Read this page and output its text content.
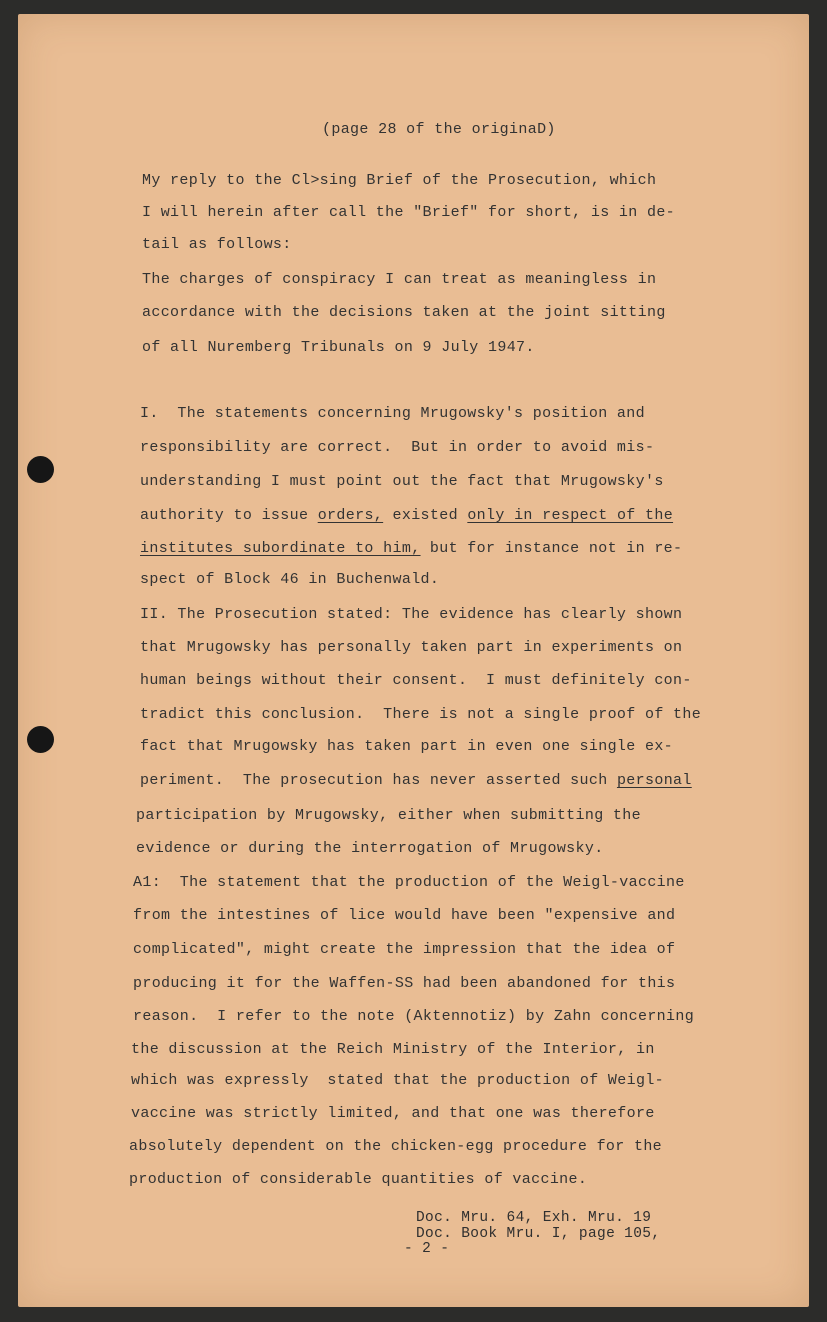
(page 28 of the originaD)
My reply to the Cl˃sing Brief of the Prosecution, which
I will herein after call the "Brief" for short, is in de-
tail as follows:
The charges of conspiracy I can treat as meaningless in
accordance with the decisions taken at the joint sitting
of all Nuremberg Tribunals on 9 July 1947.
I.  The statements concerning Mrugowsky's position and
responsibility are correct.  But in order to avoid mis-
understanding I must point out the fact that Mrugowsky's
authority to issue orders, existed only in respect of the
institutes subordinate to him, but for instance not in re-
spect of Block 46 in Buchenwald.
II. The Prosecution stated: The evidence has clearly shown
that Mrugowsky has personally taken part in experiments on
human beings without their consent.  I must definitely con-
tradict this conclusion.  There is not a single proof of the
fact that Mrugowsky has taken part in even one single ex-
periment.  The prosecution has never asserted such personal
participation by Mrugowsky, either when submitting the
evidence or during the interrogation of Mrugowsky.
A1:  The statement that the production of the Weigl-vaccine
from the intestines of lice would have been "expensive and
complicated", might create the impression that the idea of
producing it for the Waffen-SS had been abandoned for this
reason.  I refer to the note (Aktennotiz) by Zahn concerning
the discussion at the Reich Ministry of the Interior, in
which was expressly  stated that the production of Weigl-
vaccine was strictly limited, and that one was therefore
absolutely dependent on the chicken-egg procedure for the
production of considerable quantities of vaccine.
Doc. Mru. 64, Exh. Mru. 19
Doc. Book Mru. I, page 105,
- 2 -
